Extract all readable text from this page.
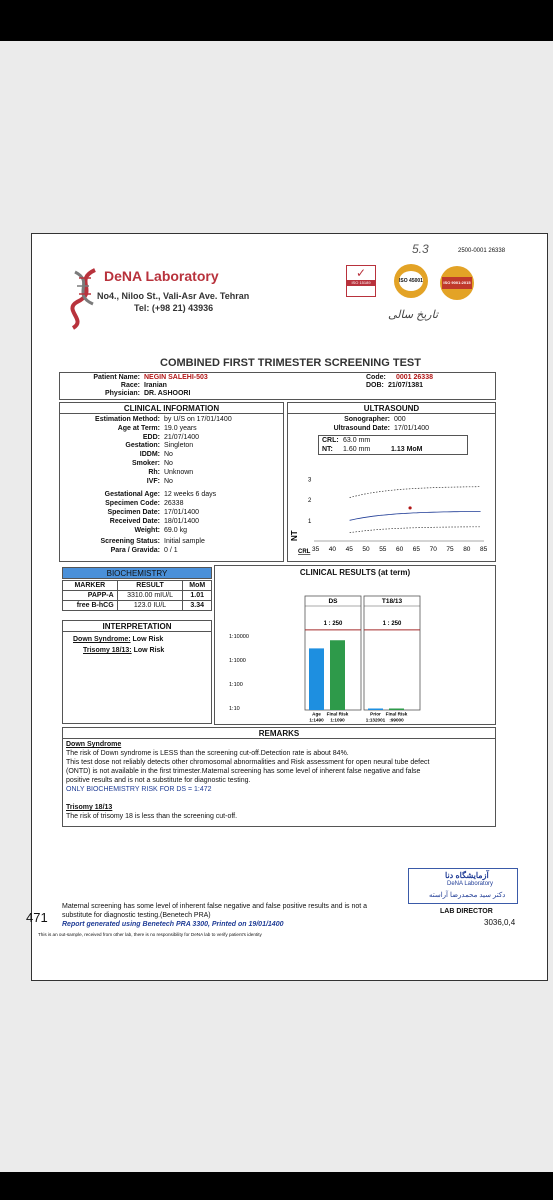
2500-0001 26338
5.3
تاریخ سالی
DeNA Laboratory
No4., Niloo St., Vali-Asr Ave. Tehran
Tel: (+98 21) 43936
✓
ISO 15189	ISO 45001	ISO 9001:2015
COMBINED FIRST TRIMESTER SCREENING TEST
Patient Name: NEGIN SALEHI-503
Race: Iranian
Physician: DR. ASHOORI
Code: 0001 26338
DOB: 21/07/1381
CLINICAL INFORMATION
Estimation Method: by U/S on 17/01/1400
Age at Term: 19.0 years
EDD: 21/07/1400
Gestation: Singleton
IDDM: No
Smoker: No
Rh: Unknown
IVF: No
Gestational Age: 12 weeks 6 days
Specimen Code: 26338
Specimen Date: 17/01/1400
Received Date: 18/01/1400
Weight: 69.0 kg
Screening Status: Initial sample
Para / Gravida: 0 / 1
ULTRASOUND
Sonographer: 000
Ultrasound Date: 17/01/1400
CRL: 63.0 mm
NT: 1.60 mm	1.13 MoM
1
2
3
35 40 45 50 55 60 65 70 75 80 85
NT
CRL
BIOCHEMISTRY
MARKER	RESULT	MoM
PAPP-A	3310.00 mIU/L	1.01
free B-hCG	123.0 IU/L	3.34
INTERPRETATION
Down Syndrome: Low Risk
Trisomy 18/13: Low Risk
CLINICAL RESULTS (at term)
1:10
1:100
1:1000
1:10000
DS
1 : 250
Age
1:1490
Final Risk
1:1090
T18/13
1 : 250
Prior
1:132001
Final Risk
:99000
REMARKS
Down Syndrome
The risk of Down syndrome is LESS than the screening cut-off.Detection rate is about 84%.
This test dose not reliably detects other chromosomal abnormalities and Risk assessment for open neural tube defect
(ONTD) is not available in the first trimester.Maternal screening has some level of inherent false negative and false
positive results and is not a substitute for diagnostic testing.
ONLY BIOCHEMISTRY RISK FOR DS = 1:472
Trisomy 18/13
The risk of trisomy 18 is less than the screening cut-off.
آزمایشگاه دنا
DeNA Laboratory
دکتر سید محمدرضا آراسته
LAB DIRECTOR
3036,0,4
471
Maternal screening has some level of inherent false negative and false positive results and is not a
substitute for diagnostic testing.(Benetech PRA)
Report generated using Benetech PRA 3300, Printed on 19/01/1400
This is an out-sample, received from other lab, there is no responsibility for DeNA lab to verify patient's identity
